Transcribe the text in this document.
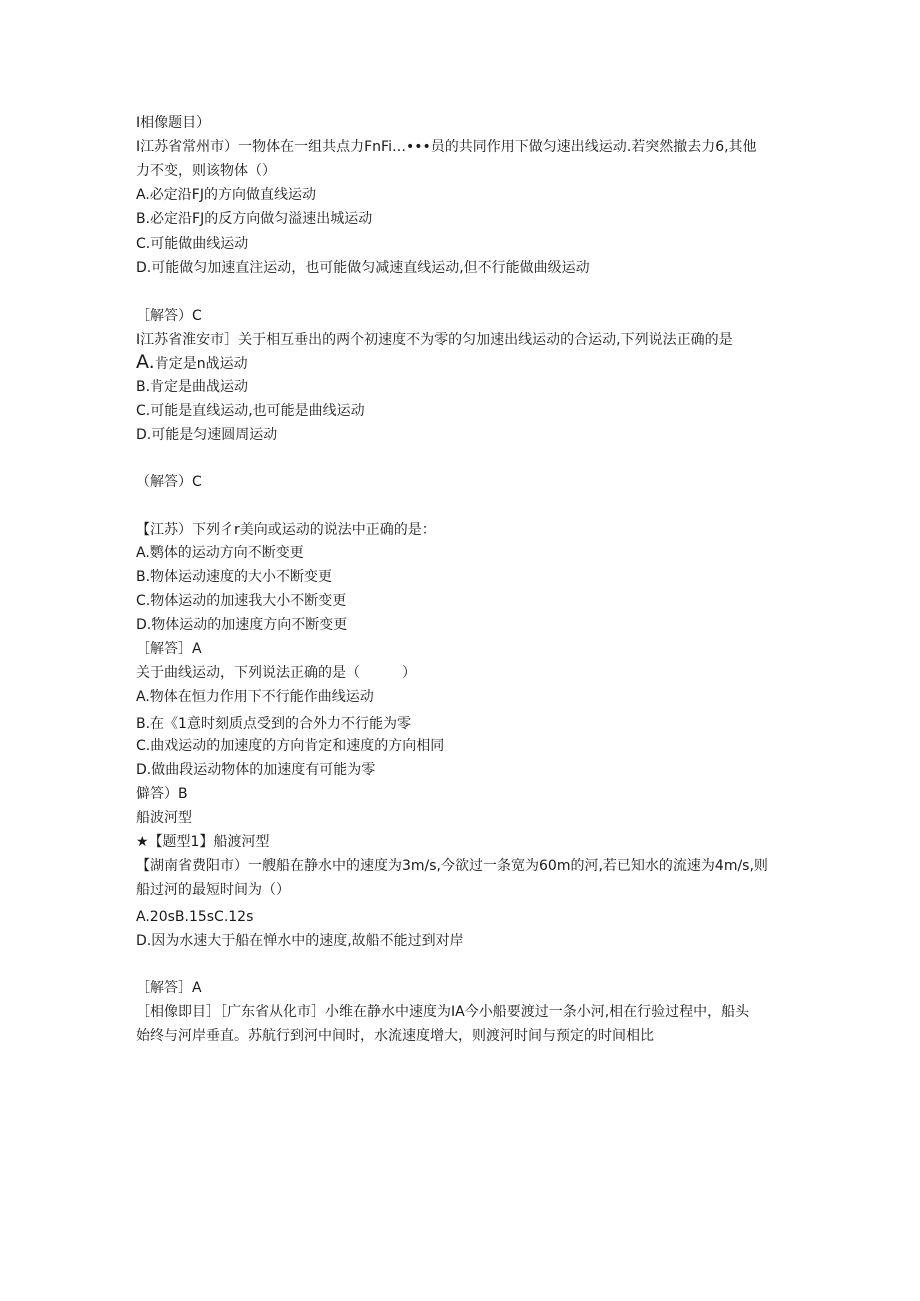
I相像题目）
I江苏省常州市）一物体在一组共点力FnFi…•••员的共同作用下做匀速出线运动.若突然撤去力6,其他
力不变，则该物体（）
A.必定沿FJ的方向做直线运动
B.必定沿FJ的反方向做匀溢速出城运动
C.可能做曲线运动
D.可能做匀加速直注运动，也可能做匀减速直线运动,但不行能做曲级运动
［解答）C
I江苏省淮安市］关于相互垂出的两个初速度不为零的匀加速出线运动的合运动,下列说法正确的是
A.肯定是n战运动
B.肯定是曲战运动
C.可能是直线运动,也可能是曲线运动
D.可能是匀速圆周运动
（解答）C
【江苏）下列彳r美向或运动的说法中正确的是：
A.鹦体的运动方向不断变更
B.物体运动速度的大小不断变更
C.物体运动的加速我大小不断变更
D.物体运动的加速度方向不断变更
［解答］A
关于曲线运动，下列说法正确的是（　　　）
A.物体在恒力作用下不行能作曲线运动
B.在《1意时刻质点受到的合外力不行能为零
C.曲戏运动的加速度的方向肯定和速度的方向相同
D.做曲段运动物体的加速度有可能为零
僻答）B
船波河型
★【题型1】船渡河型
【湖南省费阳市）一艘船在静水中的速度为3m/s,今欲过一条宽为60m的河,若已知水的流速为4m/s,则
船过河的最短时间为（）
A.20sB.15sC.12s
D.因为水速大于船在惮水中的速度,故船不能过到对岸
［解答］A
［相像即目］［广东省从化市］小维在静水中速度为IA今小船要渡过一条小河,相在行验过程中，船头
始终与河岸垂直。苏航行到河中间时，水流速度增大，则渡河时间与预定的时间相比
